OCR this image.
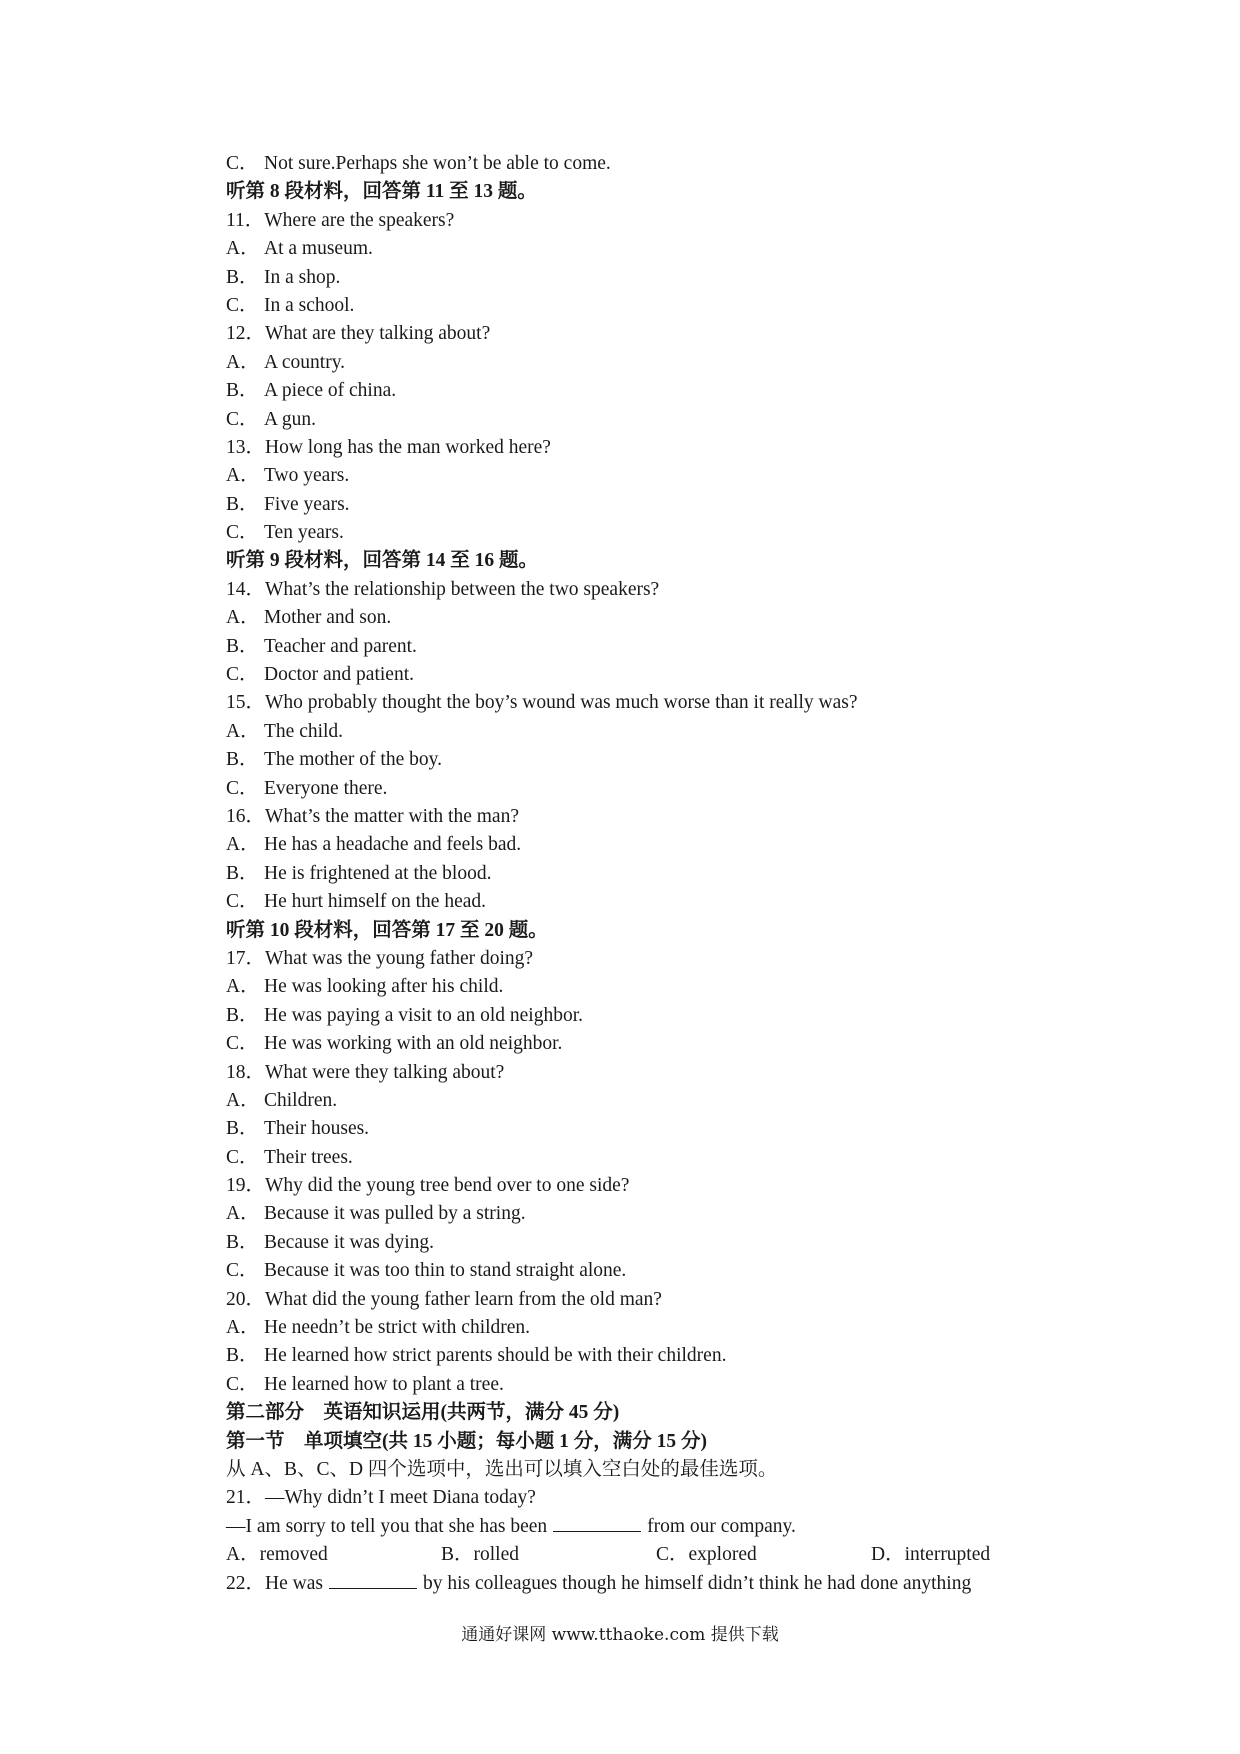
C． Not sure.Perhaps she won’t be able to come.
听第 8 段材料，回答第 11 至 13 题。
11．Where are the speakers?
A． At a museum.
B． In a shop.
C． In a school.
12．What are they talking about?
A． A country.
B． A piece of china.
C． A gun.
13．How long has the man worked here?
A． Two years.
B． Five years.
C． Ten years.
听第 9 段材料，回答第 14 至 16 题。
14．What’s the relationship between the two speakers?
A． Mother and son.
B． Teacher and parent.
C． Doctor and patient.
15．Who probably thought the boy’s wound was much worse than it really was?
A． The child.
B． The mother of the boy.
C． Everyone there.
16．What’s the matter with the man?
A． He has a headache and feels bad.
B． He is frightened at the blood.
C． He hurt himself on the head.
听第 10 段材料，回答第 17 至 20 题。
17．What was the young father doing?
A． He was looking after his child.
B． He was paying a visit to an old neighbor.
C． He was working with an old neighbor.
18．What were they talking about?
A． Children.
B． Their houses.
C． Their trees.
19．Why did the young tree bend over to one side?
A． Because it was pulled by a string.
B． Because it was dying.
C． Because it was too thin to stand straight alone.
20．What did the young father learn from the old man?
A． He needn’t be strict with children.
B． He learned how strict parents should be with their children.
C． He learned how to plant a tree.
第二部分　英语知识运用(共两节，满分 45 分)
第一节　单项填空(共 15 小题；每小题 1 分，满分 15 分)
从 A、B、C、D 四个选项中，选出可以填入空白处的最佳选项。
21．—Why didn’t I meet Diana today?
—I am sorry to tell you that she has been	from our company.
A．removed	B．rolled	C．explored	D．interrupted
22．He was	by his colleagues though he himself didn’t think he had done anything
通通好课网 www.tthaoke.com 提供下载
